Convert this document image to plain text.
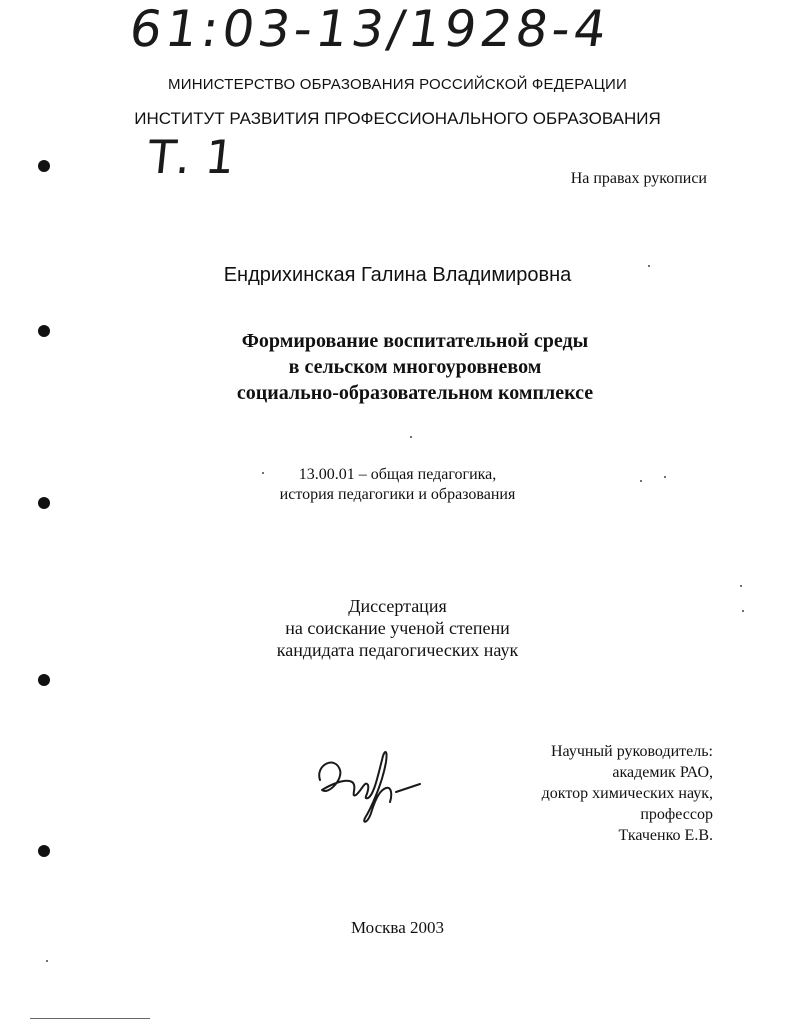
61:03-13/1928-4
МИНИСТЕРСТВО ОБРАЗОВАНИЯ РОССИЙСКОЙ ФЕДЕРАЦИИ
ИНСТИТУТ РАЗВИТИЯ ПРОФЕССИОНАЛЬНОГО ОБРАЗОВАНИЯ
Т. 1	На правах рукописи
Ендрихинская Галина Владимировна
Формирование воспитательной среды
в сельском многоуровневом
социально-образовательном комплексе
13.00.01 – общая педагогика,
история педагогики и образования
Диссертация
на соискание ученой степени
кандидата педагогических наук
Научный руководитель:
академик РАО,
доктор химических наук,
профессор
Ткаченко Е.В.
Москва 2003
